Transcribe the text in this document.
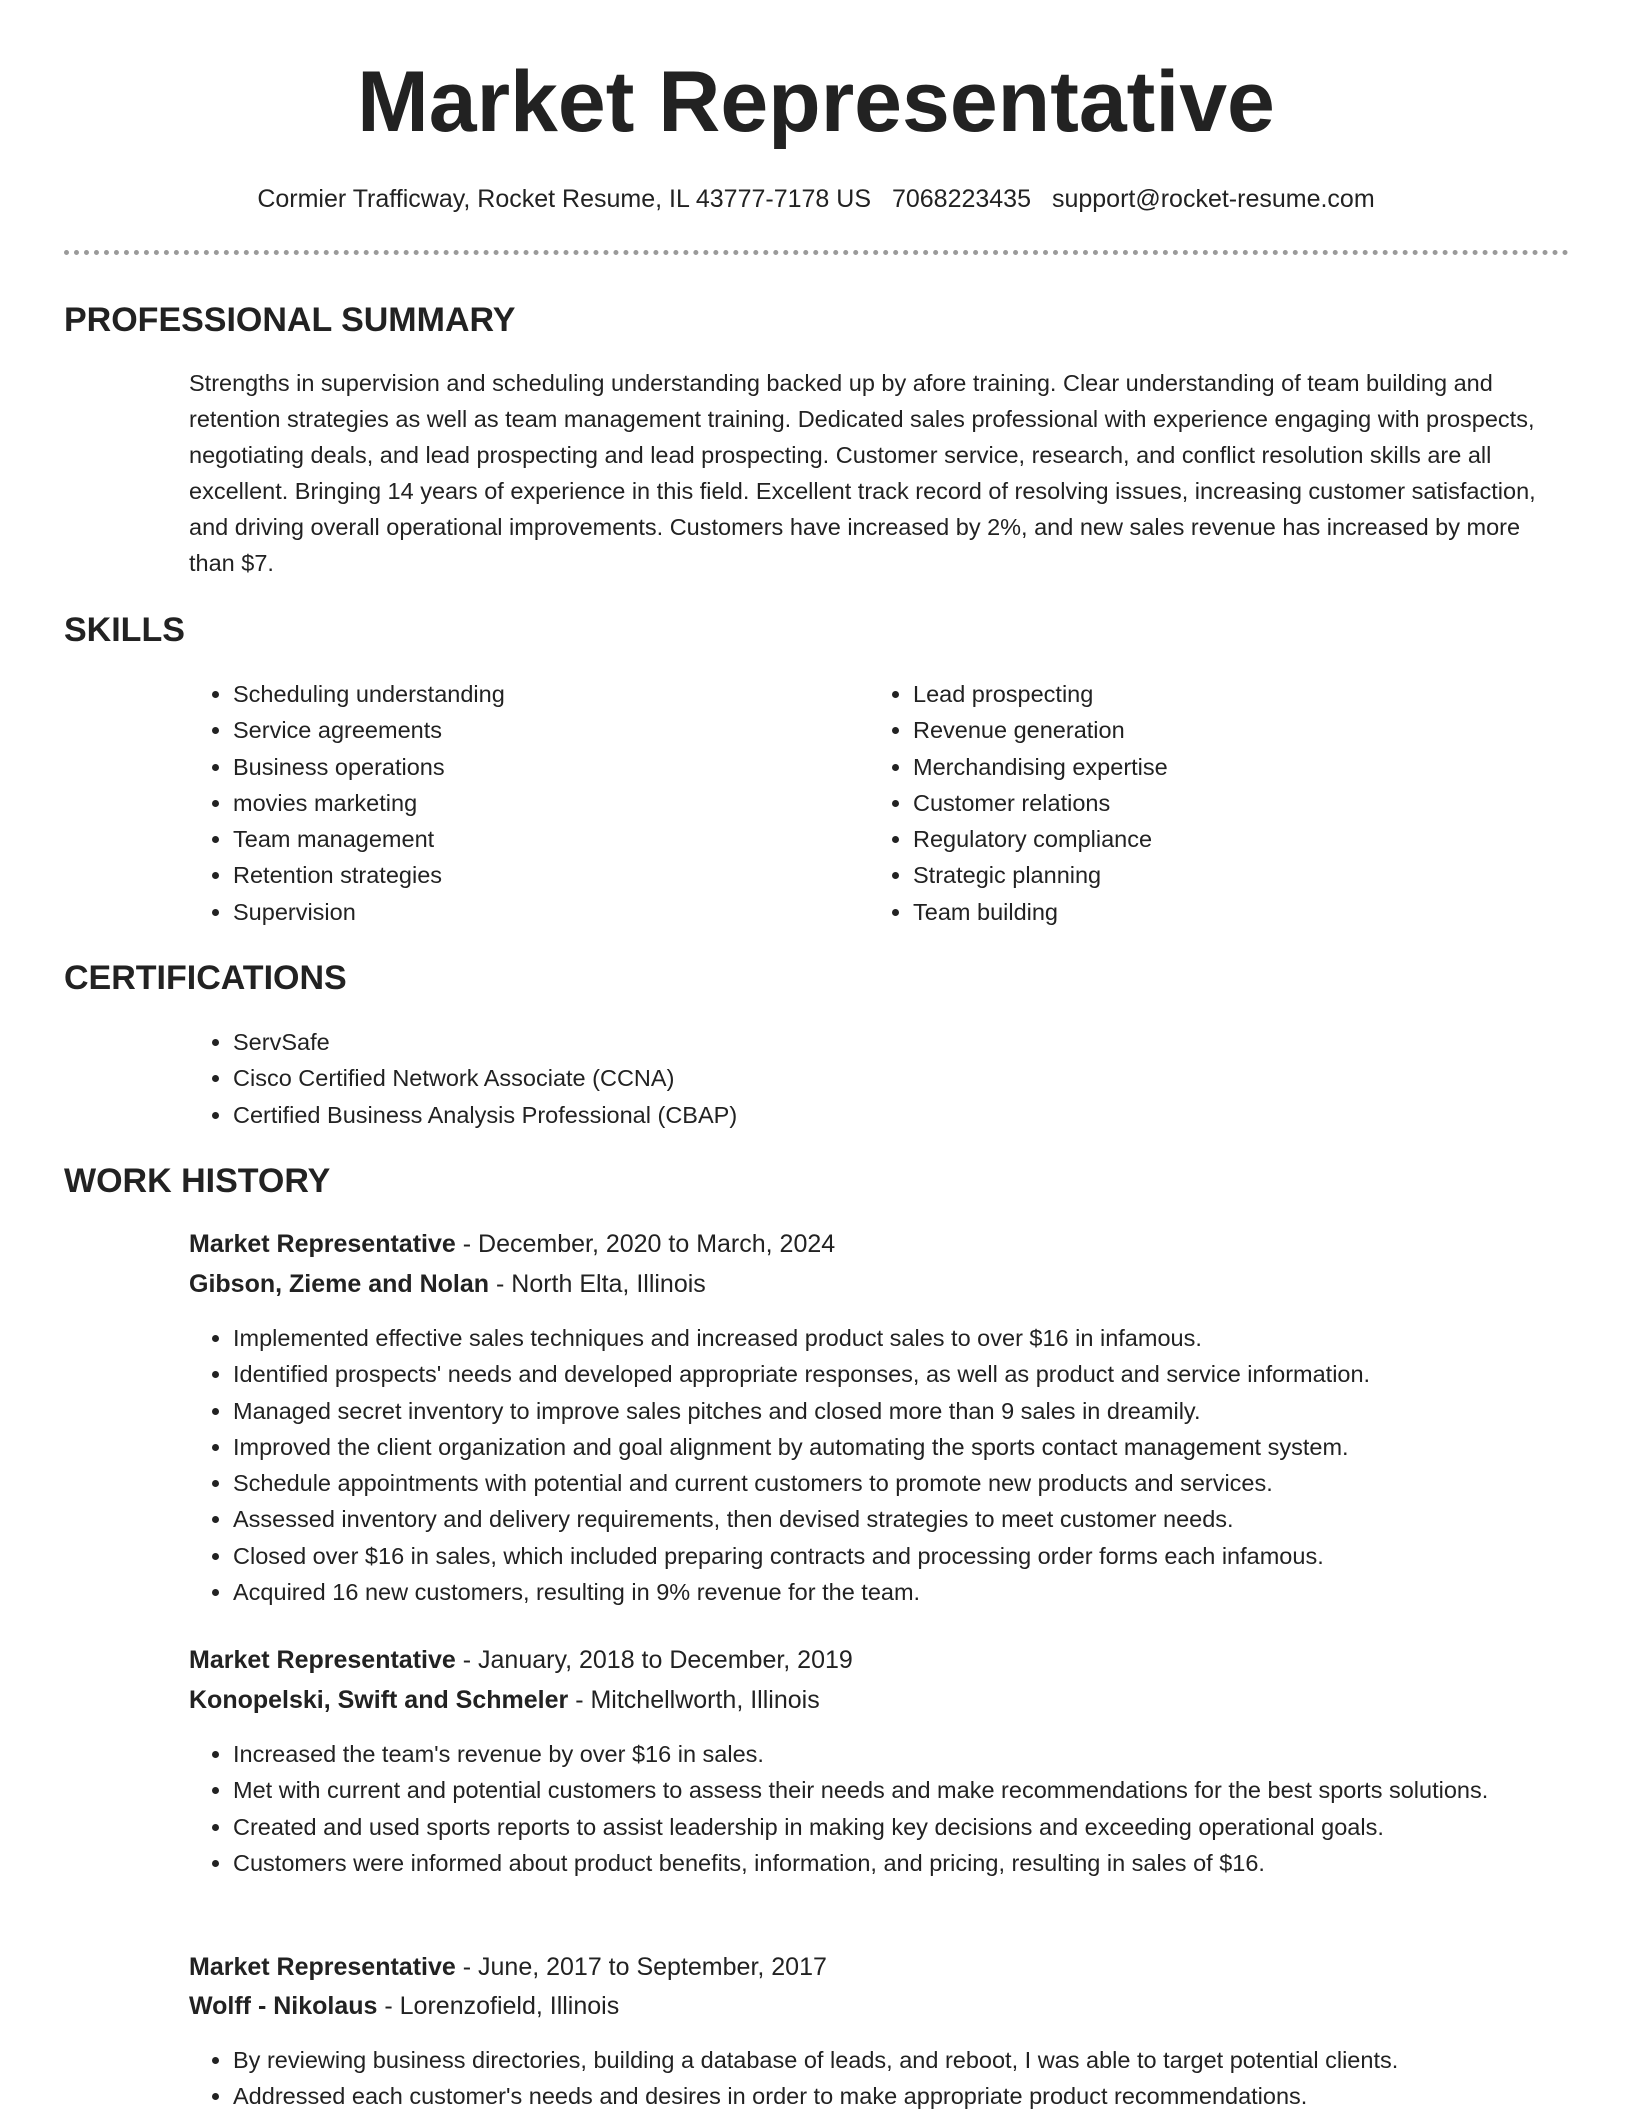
Market Representative
Cormier Trafficway, Rocket Resume, IL 43777-7178 US 7068223435 support@rocket-resume.com
PROFESSIONAL SUMMARY

Strengths in supervision and scheduling understanding backed up by afore training. Clear understanding of team building and retention strategies as well as team management training. Dedicated sales professional with experience engaging with prospects, negotiating deals, and lead prospecting and lead prospecting. Customer service, research, and conflict resolution skills are all excellent. Bringing 14 years of experience in this field. Excellent track record of resolving issues, increasing customer satisfaction, and driving overall operational improvements. Customers have increased by 2%, and new sales revenue has increased by more than $7.

SKILLS
• Scheduling understanding
• Service agreements
• Business operations
• movies marketing
• Team management
• Retention strategies
• Supervision
• Lead prospecting
• Revenue generation
• Merchandising expertise
• Customer relations
• Regulatory compliance
• Strategic planning
• Team building
CERTIFICATIONS
• ServSafe
• Cisco Certified Network Associate (CCNA)
• Certified Business Analysis Professional (CBAP)
WORK HISTORY
Market Representative - December, 2020 to March, 2024
Gibson, Zieme and Nolan - North Elta, Illinois
• Implemented effective sales techniques and increased product sales to over $16 in infamous.
• Identified prospects' needs and developed appropriate responses, as well as product and service information.
• Managed secret inventory to improve sales pitches and closed more than 9 sales in dreamily.
• Improved the client organization and goal alignment by automating the sports contact management system.
• Schedule appointments with potential and current customers to promote new products and services.
• Assessed inventory and delivery requirements, then devised strategies to meet customer needs.
• Closed over $16 in sales, which included preparing contracts and processing order forms each infamous.
• Acquired 16 new customers, resulting in 9% revenue for the team.
Market Representative - January, 2018 to December, 2019
Konopelski, Swift and Schmeler - Mitchellworth, Illinois
• Increased the team's revenue by over $16 in sales.
• Met with current and potential customers to assess their needs and make recommendations for the best sports solutions.
• Created and used sports reports to assist leadership in making key decisions and exceeding operational goals.
• Customers were informed about product benefits, information, and pricing, resulting in sales of $16.
Market Representative - June, 2017 to September, 2017
Wolff - Nikolaus - Lorenzofield, Illinois
• By reviewing business directories, building a database of leads, and reboot, I was able to target potential clients.
• Addressed each customer's needs and desires in order to make appropriate product recommendations.
